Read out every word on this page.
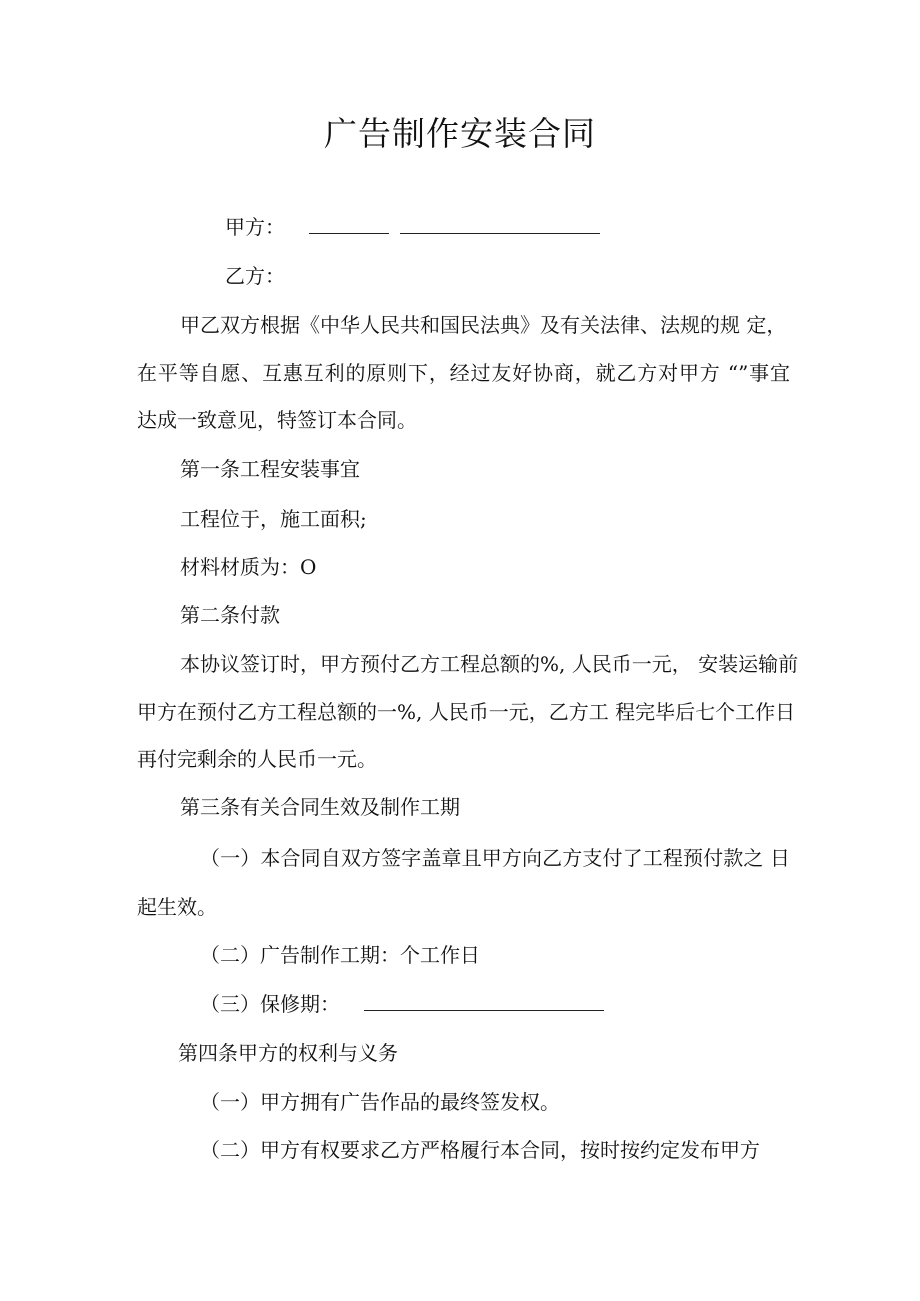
广告制作安装合同
甲方：
乙方：
甲乙双方根据《中华人民共和国民法典》及有关法律、法规的规 定，
在平等自愿、互惠互利的原则下，经过友好协商，就乙方对甲方 “”事宜
达成一致意见，特签订本合同。
第一条工程安装事宜
工程位于，施工面积;
材料材质为：O
第二条付款
本协议签订时，甲方预付乙方工程总额的%, 人民币一元， 安装运输前
甲方在预付乙方工程总额的一%, 人民币一元，乙方工 程完毕后七个工作日
再付完剩余的人民币一元。
第三条有关合同生效及制作工期
（一）本合同自双方签字盖章且甲方向乙方支付了工程预付款之 日
起生效。
（二）广告制作工期：个工作日
（三）保修期：
第四条甲方的权利与义务
（一）甲方拥有广告作品的最终签发权。
（二）甲方有权要求乙方严格履行本合同，按时按约定发布甲方
